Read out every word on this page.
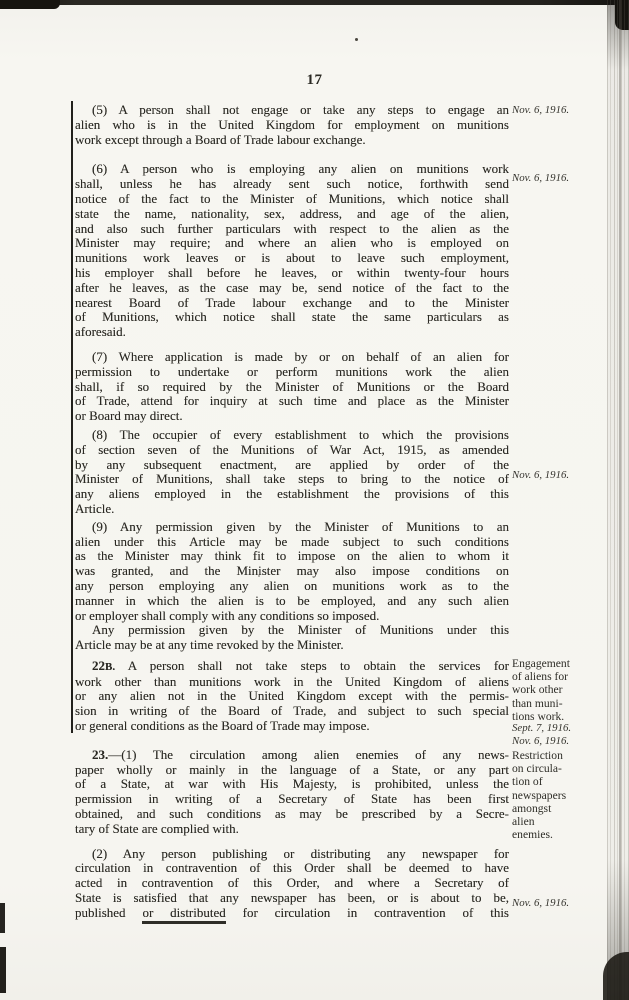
17
(5) A person shall not engage or take any steps to engage an
alien who is in the United Kingdom for employment on munitions
work except through a Board of Trade labour exchange.
(6) A person who is employing any alien on munitions work
shall, unless he has already sent such notice, forthwith send
notice of the fact to the Minister of Munitions, which notice shall
state the name, nationality, sex, address, and age of the alien,
and also such further particulars with respect to the alien as the
Minister may require; and where an alien who is employed on
munitions work leaves or is about to leave such employment,
his employer shall before he leaves, or within twenty-four hours
after he leaves, as the case may be, send notice of the fact to the
nearest Board of Trade labour exchange and to the Minister
of Munitions, which notice shall state the same particulars as
aforesaid.
(7) Where application is made by or on behalf of an alien for
permission to undertake or perform munitions work the alien
shall, if so required by the Minister of Munitions or the Board
of Trade, attend for inquiry at such time and place as the Minister
or Board may direct.
(8) The occupier of every establishment to which the provisions
of section seven of the Munitions of War Act, 1915, as amended
by any subsequent enactment, are applied by order of the
Minister of Munitions, shall take steps to bring to the notice of
any aliens employed in the establishment the provisions of this
Article.
(9) Any permission given by the Minister of Munitions to an
alien under this Article may be made subject to such conditions
as the Minister may think fit to impose on the alien to whom it
was granted, and the Minister may also impose conditions on
any person employing any alien on munitions work as to the
manner in which the alien is to be employed, and any such alien
or employer shall comply with any conditions so imposed.
Any permission given by the Minister of Munitions under this
Article may be at any time revoked by the Minister.
22B. A person shall not take steps to obtain the services for
work other than munitions work in the United Kingdom of aliens
or any alien not in the United Kingdom except with the permis-
sion in writing of the Board of Trade, and subject to such special
or general conditions as the Board of Trade may impose.
23.—(1) The circulation among alien enemies of any news-
paper wholly or mainly in the language of a State, or any part
of a State, at war with His Majesty, is prohibited, unless the
permission in writing of a Secretary of State has been first
obtained, and such conditions as may be prescribed by a Secre-
tary of State are complied with.
(2) Any person publishing or distributing any newspaper for
circulation in contravention of this Order shall be deemed to have
acted in contravention of this Order, and where a Secretary of
State is satisfied that any newspaper has been, or is about to be,
published or distributed for circulation in contravention of this
Nov. 6, 1916.
Nov. 6, 1916.
Nov. 6, 1916.
Engagement
of aliens for
work other
than muni-
tions work.
Sept. 7, 1916.
Nov. 6, 1916.
Restriction
on circula-
tion of
newspapers
amongst
alien
enemies.
Nov. 6, 1916.
